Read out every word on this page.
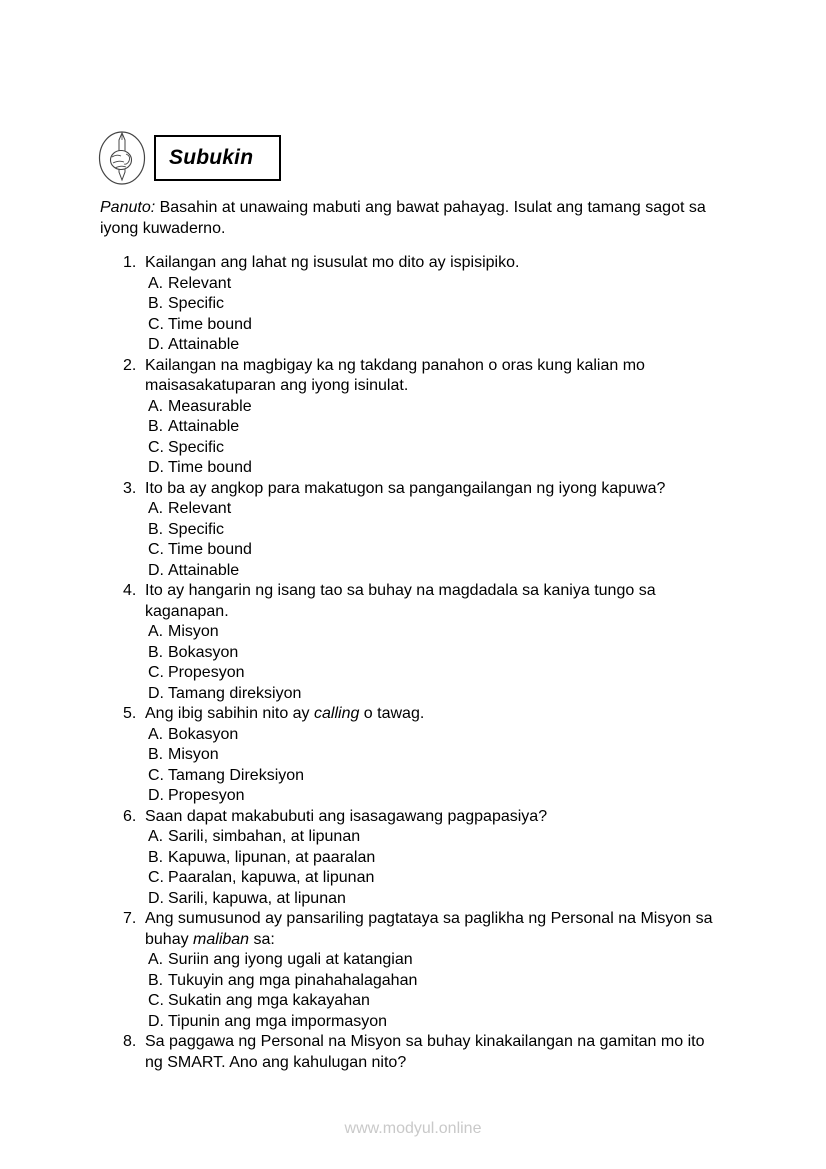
Subukin

Panuto: Basahin at unawaing mabuti ang bawat pahayag. Isulat ang tamang sagot sa iyong kuwaderno.

1. Kailangan ang lahat ng isusulat mo dito ay ispisipiko.
A. Relevant
B. Specific
C. Time bound
D. Attainable
2. Kailangan na magbigay ka ng takdang panahon o oras kung kalian mo maisasakatuparan ang iyong isinulat.
A. Measurable
B. Attainable
C. Specific
D. Time bound
3. Ito ba ay angkop para makatugon sa pangangailangan ng iyong kapuwa?
A. Relevant
B. Specific
C. Time bound
D. Attainable
4. Ito ay hangarin ng isang tao sa buhay na magdadala sa kaniya tungo sa kaganapan.
A. Misyon
B. Bokasyon
C. Propesyon
D. Tamang direksiyon
5. Ang ibig sabihin nito ay calling o tawag.
A. Bokasyon
B. Misyon
C. Tamang Direksiyon
D. Propesyon
6. Saan dapat makabubuti ang isasagawang pagpapasiya?
A. Sarili, simbahan, at lipunan
B. Kapuwa, lipunan, at paaralan
C. Paaralan, kapuwa, at lipunan
D. Sarili, kapuwa, at lipunan
7. Ang sumusunod ay pansariling pagtataya sa paglikha ng Personal na Misyon sa buhay maliban sa:
A. Suriin ang iyong ugali at katangian
B. Tukuyin ang mga pinahahalagahan
C. Sukatin ang mga kakayahan
D. Tipunin ang mga impormasyon
8. Sa paggawa ng Personal na Misyon sa buhay kinakailangan na gamitan mo ito ng SMART. Ano ang kahulugan nito?
www.modyul.online
